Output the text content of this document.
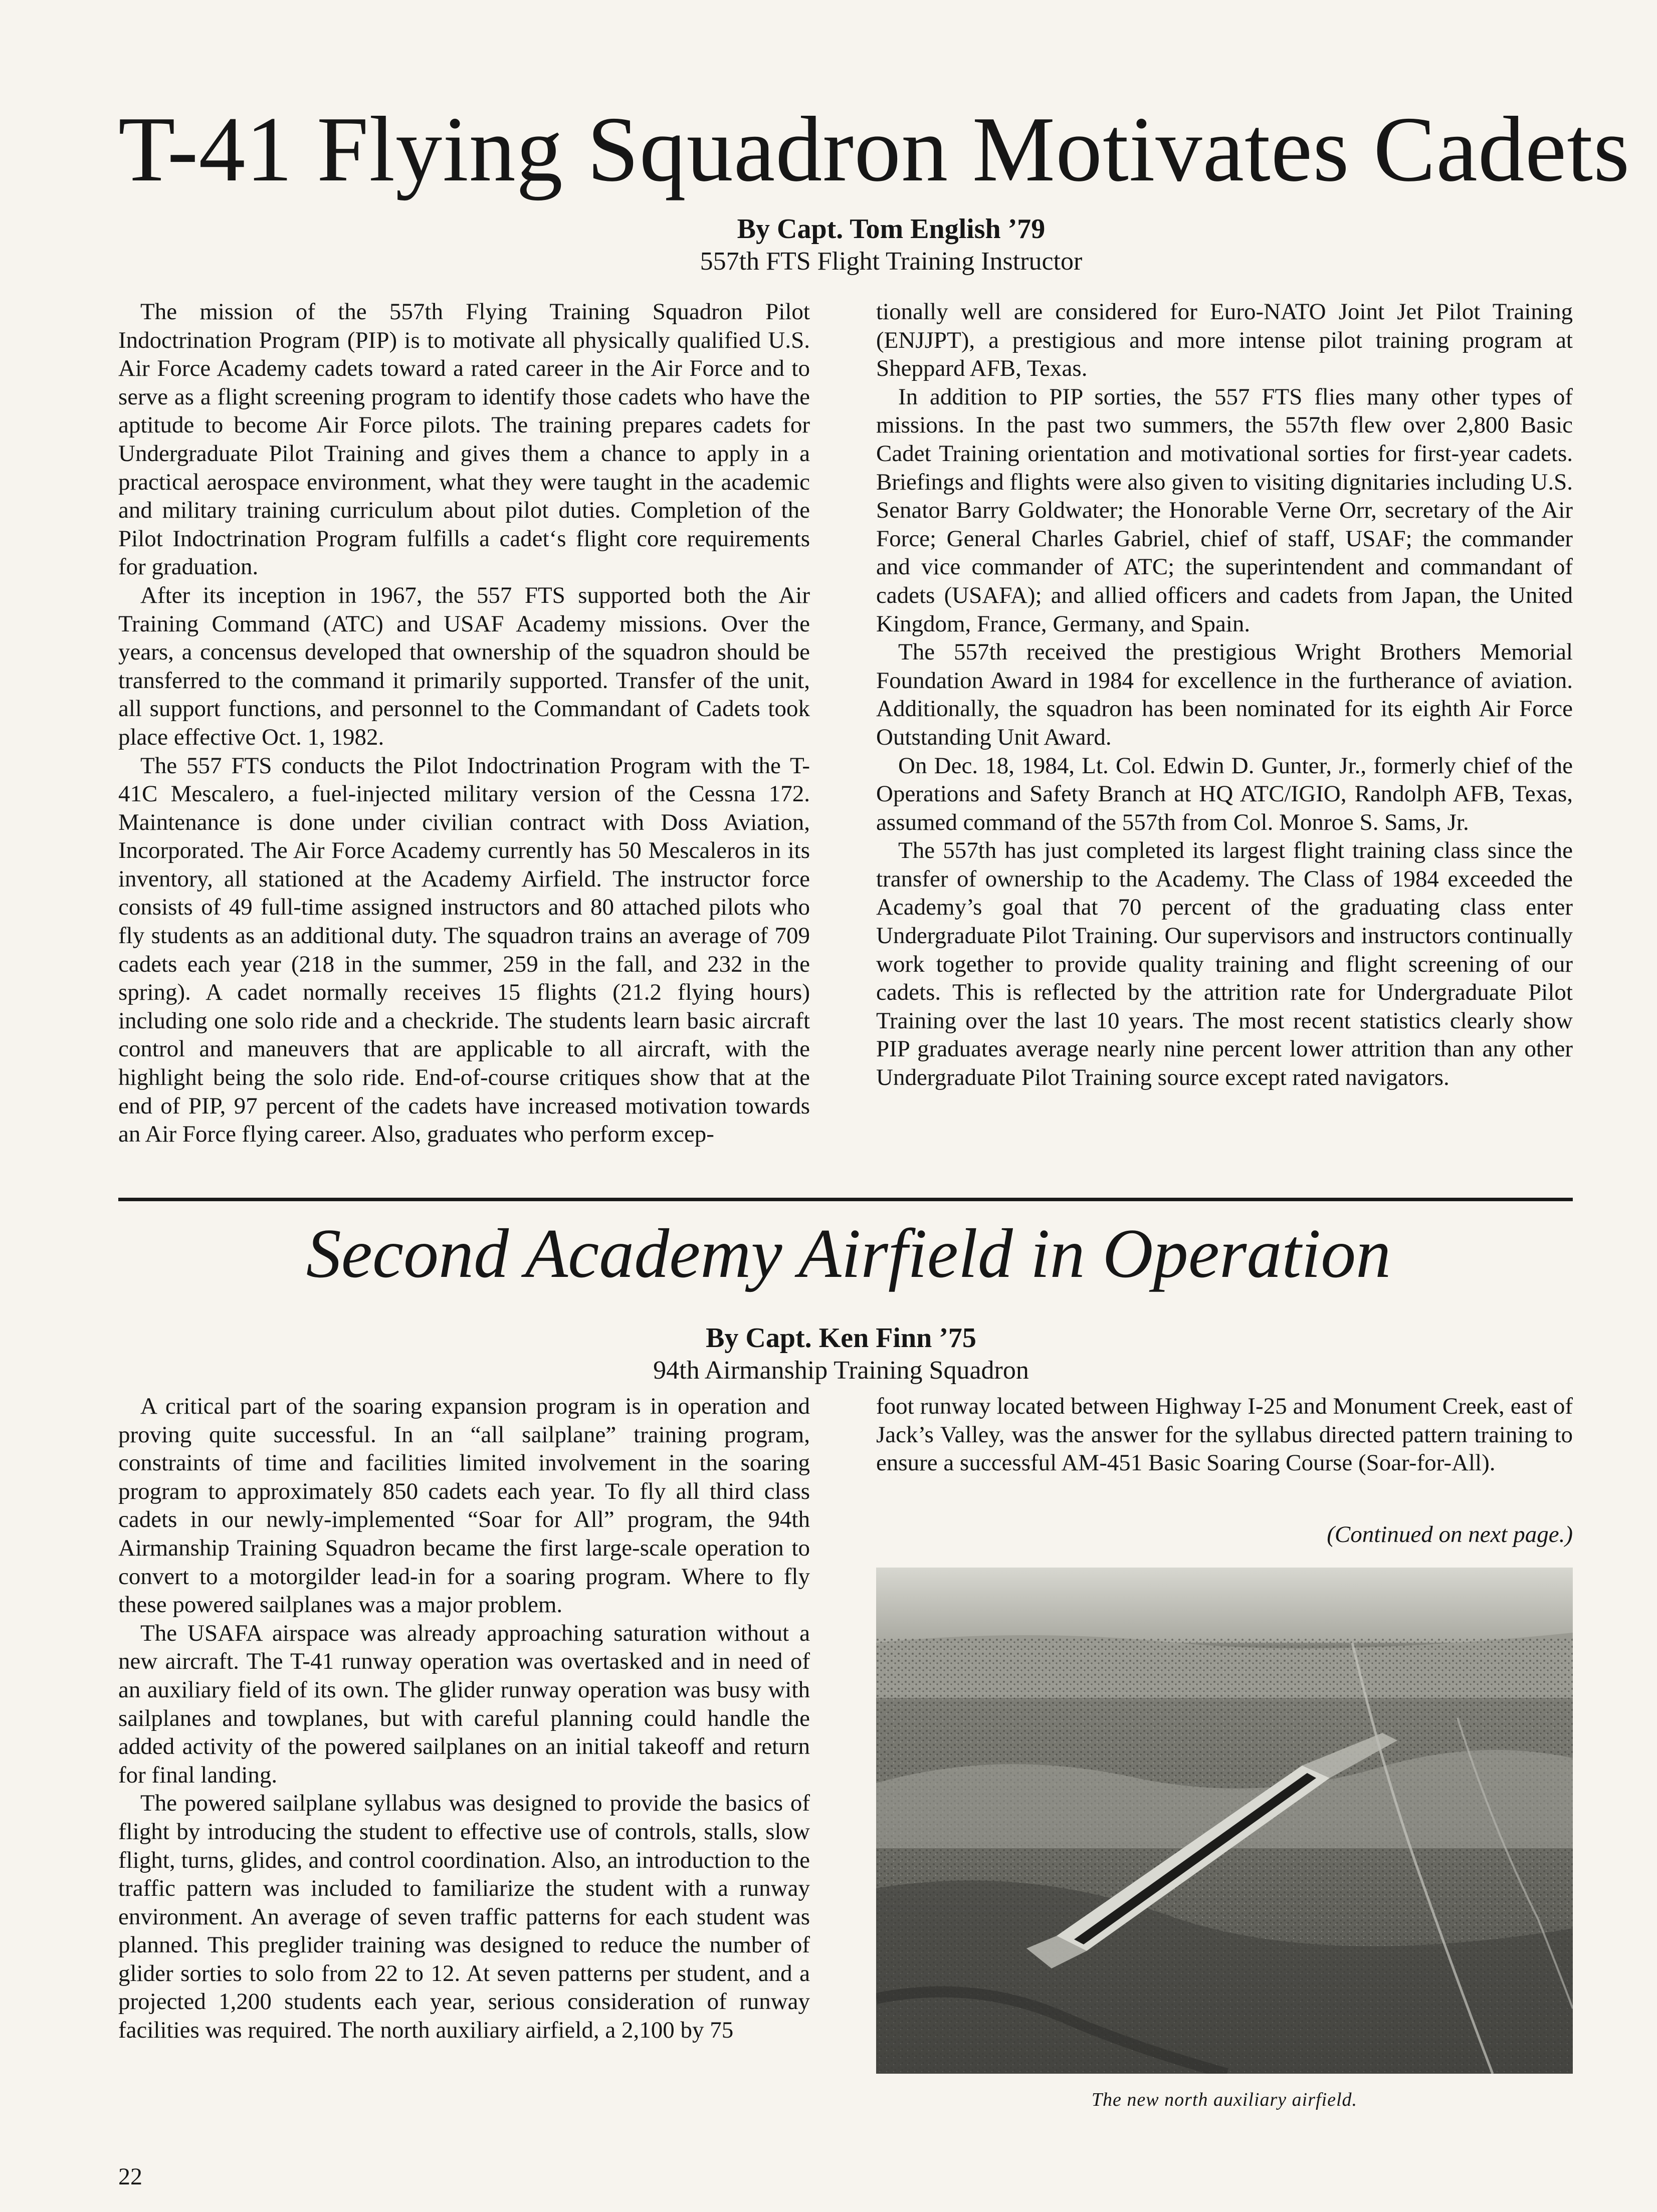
T-41 Flying Squadron Motivates Cadets
By Capt. Tom English ’79
557th FTS Flight Training Instructor

The mission of the 557th Flying Training Squadron Pilot Indoctrination Program (PIP) is to motivate all physically qualified U.S. Air Force Academy cadets toward a rated career in the Air Force and to serve as a flight screening program to identify those cadets who have the aptitude to become Air Force pilots. The training prepares cadets for Undergraduate Pilot Training and gives them a chance to apply in a practical aerospace environment, what they were taught in the academic and military training curriculum about pilot duties. Completion of the Pilot Indoctrination Program fulfills a cadet‘s flight core requirements for graduation.

After its inception in 1967, the 557 FTS supported both the Air Training Command (ATC) and USAF Academy missions. Over the years, a concensus developed that ownership of the squadron should be transferred to the command it primarily supported. Transfer of the unit, all support functions, and personnel to the Commandant of Cadets took place effective Oct. 1, 1982.

The 557 FTS conducts the Pilot Indoctrination Program with the T-41C Mescalero, a fuel-injected military version of the Cessna 172. Maintenance is done under civilian contract with Doss Aviation, Incorporated. The Air Force Academy currently has 50 Mescaleros in its inventory, all stationed at the Academy Airfield. The instructor force consists of 49 full-time assigned instructors and 80 attached pilots who fly students as an additional duty. The squadron trains an average of 709 cadets each year (218 in the summer, 259 in the fall, and 232 in the spring). A cadet normally receives 15 flights (21.2 flying hours) including one solo ride and a checkride. The students learn basic aircraft control and maneuvers that are applicable to all aircraft, with the highlight being the solo ride. End-of-course critiques show that at the end of PIP, 97 percent of the cadets have increased motivation towards an Air Force flying career. Also, graduates who perform excep-

tionally well are considered for Euro-NATO Joint Jet Pilot Training (ENJJPT), a prestigious and more intense pilot training program at Sheppard AFB, Texas.

In addition to PIP sorties, the 557 FTS flies many other types of missions. In the past two summers, the 557th flew over 2,800 Basic Cadet Training orientation and motivational sorties for first-year cadets. Briefings and flights were also given to visiting dignitaries including U.S. Senator Barry Goldwater; the Honorable Verne Orr, secretary of the Air Force; General Charles Gabriel, chief of staff, USAF; the commander and vice commander of ATC; the superintendent and commandant of cadets (USAFA); and allied officers and cadets from Japan, the United Kingdom, France, Germany, and Spain.

The 557th received the prestigious Wright Brothers Memorial Foundation Award in 1984 for excellence in the furtherance of aviation. Additionally, the squadron has been nominated for its eighth Air Force Outstanding Unit Award.

On Dec. 18, 1984, Lt. Col. Edwin D. Gunter, Jr., formerly chief of the Operations and Safety Branch at HQ ATC/IGIO, Randolph AFB, Texas, assumed command of the 557th from Col. Monroe S. Sams, Jr.

The 557th has just completed its largest flight training class since the transfer of ownership to the Academy. The Class of 1984 exceeded the Academy’s goal that 70 percent of the graduating class enter Undergraduate Pilot Training. Our supervisors and instructors continually work together to provide quality training and flight screening of our cadets. This is reflected by the attrition rate for Undergraduate Pilot Training over the last 10 years. The most recent statistics clearly show PIP graduates average nearly nine percent lower attrition than any other Undergraduate Pilot Training source except rated navigators.

Second Academy Airfield in Operation
By Capt. Ken Finn ’75
94th Airmanship Training Squadron

A critical part of the soaring expansion program is in operation and proving quite successful. In an “all sailplane” training program, constraints of time and facilities limited involvement in the soaring program to approximately 850 cadets each year. To fly all third class cadets in our newly-implemented “Soar for All” program, the 94th Airmanship Training Squadron became the first large-scale operation to convert to a motorgilder lead-in for a soaring program. Where to fly these powered sailplanes was a major problem.

The USAFA airspace was already approaching saturation without a new aircraft. The T-41 runway operation was overtasked and in need of an auxiliary field of its own. The glider runway operation was busy with sailplanes and towplanes, but with careful planning could handle the added activity of the powered sailplanes on an initial takeoff and return for final landing.

The powered sailplane syllabus was designed to provide the basics of flight by introducing the student to effective use of controls, stalls, slow flight, turns, glides, and control coordination. Also, an introduction to the traffic pattern was included to familiarize the student with a runway environment. An average of seven traffic patterns for each student was planned. This preglider training was designed to reduce the number of glider sorties to solo from 22 to 12. At seven patterns per student, and a projected 1,200 students each year, serious consideration of runway facilities was required. The north auxiliary airfield, a 2,100 by 75

foot runway located between Highway I-25 and Monument Creek, east of Jack’s Valley, was the answer for the syllabus directed pattern training to ensure a successful AM-451 Basic Soaring Course (Soar-for-All).

(Continued on next page.)
The new north auxiliary airfield.
22
